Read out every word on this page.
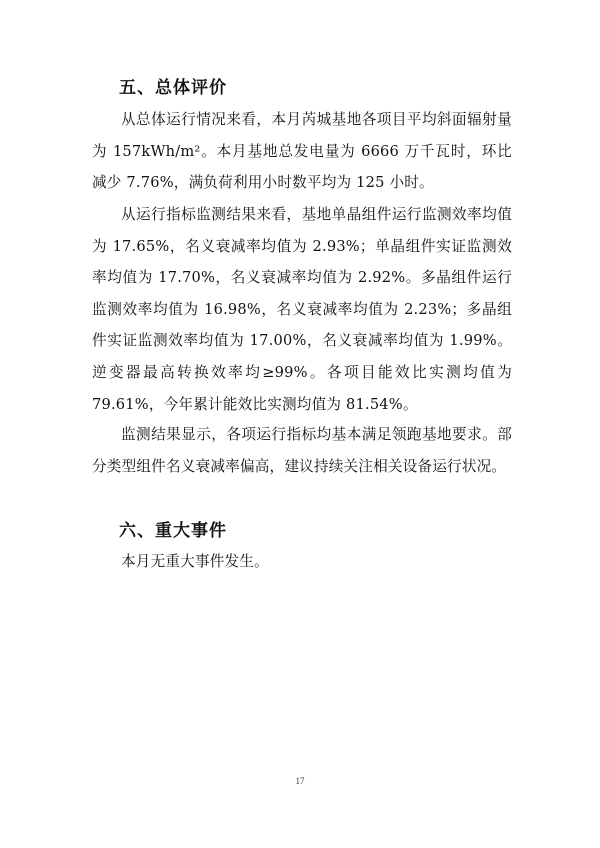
五、总体评价

从总体运行情况来看，本月芮城基地各项目平均斜面辐射量为 157kWh/m²。本月基地总发电量为 6666 万千瓦时，环比减少 7.76%，满负荷利用小时数平均为 125 小时。

从运行指标监测结果来看，基地单晶组件运行监测效率均值为 17.65%，名义衰减率均值为 2.93%；单晶组件实证监测效率均值为 17.70%，名义衰减率均值为 2.92%。多晶组件运行监测效率均值为 16.98%，名义衰减率均值为 2.23%；多晶组件实证监测效率均值为 17.00%，名义衰减率均值为 1.99%。逆变器最高转换效率均≥99%。各项目能效比实测均值为 79.61%，今年累计能效比实测均值为 81.54%。

监测结果显示，各项运行指标均基本满足领跑基地要求。部分类型组件名义衰减率偏高，建议持续关注相关设备运行状况。

六、重大事件

本月无重大事件发生。

17
